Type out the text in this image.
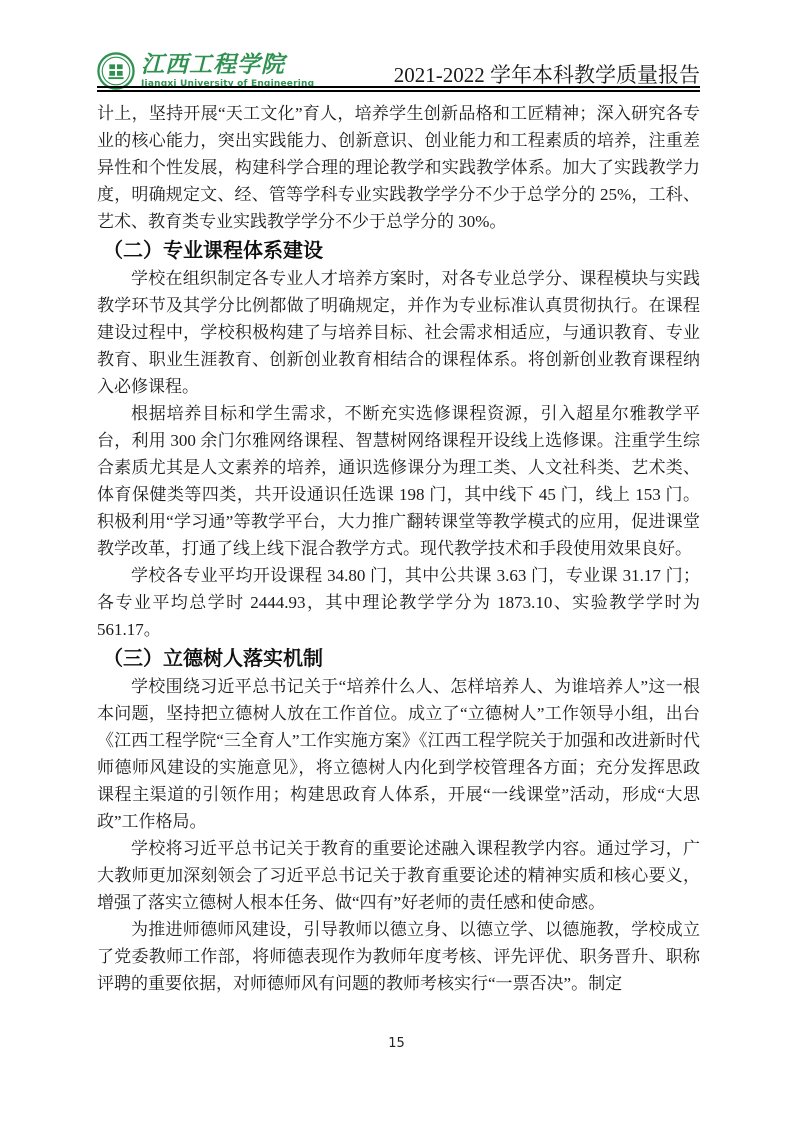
江西工程学院
Jiangxi University of Engineering	2021-2022 学年本科教学质量报告

计上，坚持开展“天工文化”育人，培养学生创新品格和工匠精神；深入研究各专业的核心能力，突出实践能力、创新意识、创业能力和工程素质的培养，注重差异性和个性发展，构建科学合理的理论教学和实践教学体系。加大了实践教学力度，明确规定文、经、管等学科专业实践教学学分不少于总学分的 25%，工科、艺术、教育类专业实践教学学分不少于总学分的 30%。

（二）专业课程体系建设

学校在组织制定各专业人才培养方案时，对各专业总学分、课程模块与实践教学环节及其学分比例都做了明确规定，并作为专业标准认真贯彻执行。在课程建设过程中，学校积极构建了与培养目标、社会需求相适应，与通识教育、专业教育、职业生涯教育、创新创业教育相结合的课程体系。将创新创业教育课程纳入必修课程。

根据培养目标和学生需求，不断充实选修课程资源，引入超星尔雅教学平台，利用 300 余门尔雅网络课程、智慧树网络课程开设线上选修课。注重学生综合素质尤其是人文素养的培养，通识选修课分为理工类、人文社科类、艺术类、体育保健类等四类，共开设通识任选课 198 门，其中线下 45 门，线上 153 门。积极利用“学习通”等教学平台，大力推广翻转课堂等教学模式的应用，促进课堂教学改革，打通了线上线下混合教学方式。现代教学技术和手段使用效果良好。

学校各专业平均开设课程 34.80 门，其中公共课 3.63 门，专业课 31.17 门；各专业平均总学时 2444.93，其中理论教学学分为 1873.10、实验教学学时为 561.17。

（三）立德树人落实机制

学校围绕习近平总书记关于“培养什么人、怎样培养人、为谁培养人”这一根本问题，坚持把立德树人放在工作首位。成立了“立德树人”工作领导小组，出台《江西工程学院“三全育人”工作实施方案》《江西工程学院关于加强和改进新时代师德师风建设的实施意见》，将立德树人内化到学校管理各方面；充分发挥思政课程主渠道的引领作用；构建思政育人体系，开展“一线课堂”活动，形成“大思政”工作格局。

学校将习近平总书记关于教育的重要论述融入课程教学内容。通过学习，广大教师更加深刻领会了习近平总书记关于教育重要论述的精神实质和核心要义，增强了落实立德树人根本任务、做“四有”好老师的责任感和使命感。

为推进师德师风建设，引导教师以德立身、以德立学、以德施教，学校成立了党委教师工作部，将师德表现作为教师年度考核、评先评优、职务晋升、职称评聘的重要依据，对师德师风有问题的教师考核实行“一票否决”。制定

15
